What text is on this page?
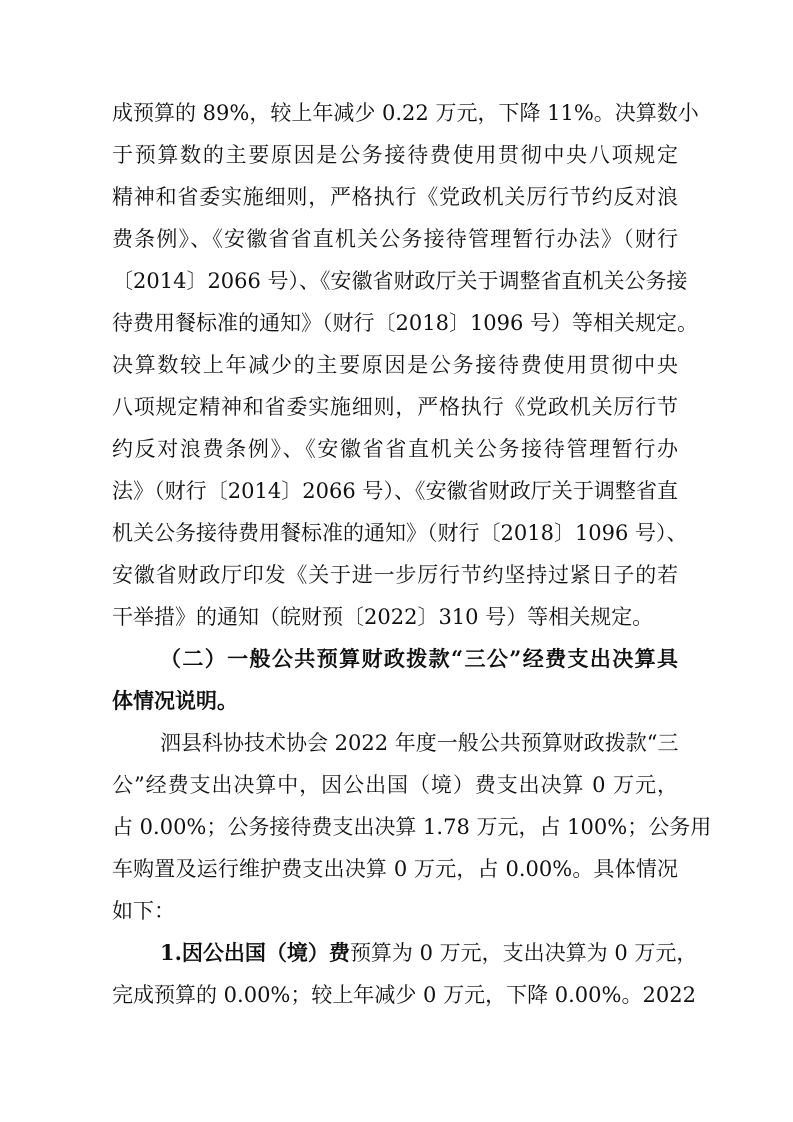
成预算的 89%，较上年减少 0.22 万元，下降 11%。决算数小
于预算数的主要原因是公务接待费使用贯彻中央八项规定
精神和省委实施细则，严格执行《党政机关厉行节约反对浪
费条例》、《安徽省省直机关公务接待管理暂行办法》（财行
〔2014〕2066 号）、《安徽省财政厅关于调整省直机关公务接
待费用餐标准的通知》（财行〔2018〕1096 号）等相关规定。
决算数较上年减少的主要原因是公务接待费使用贯彻中央
八项规定精神和省委实施细则，严格执行《党政机关厉行节
约反对浪费条例》、《安徽省省直机关公务接待管理暂行办
法》（财行〔2014〕2066 号）、《安徽省财政厅关于调整省直
机关公务接待费用餐标准的通知》（财行〔2018〕1096 号）、
安徽省财政厅印发《关于进一步厉行节约坚持过紧日子的若
干举措》的通知（皖财预〔2022〕310 号）等相关规定。
（二）一般公共预算财政拨款“三公”经费支出决算具
体情况说明。
泗县科协技术协会 2022 年度一般公共预算财政拨款“三
公”经费支出决算中，因公出国（境）费支出决算 0 万元，
占 0.00%；公务接待费支出决算 1.78 万元，占 100%；公务用
车购置及运行维护费支出决算 0 万元，占 0.00%。具体情况
如下：
1.因公出国（境）费预算为 0 万元，支出决算为 0 万元，
完成预算的 0.00%；较上年减少 0 万元，下降 0.00%。2022
